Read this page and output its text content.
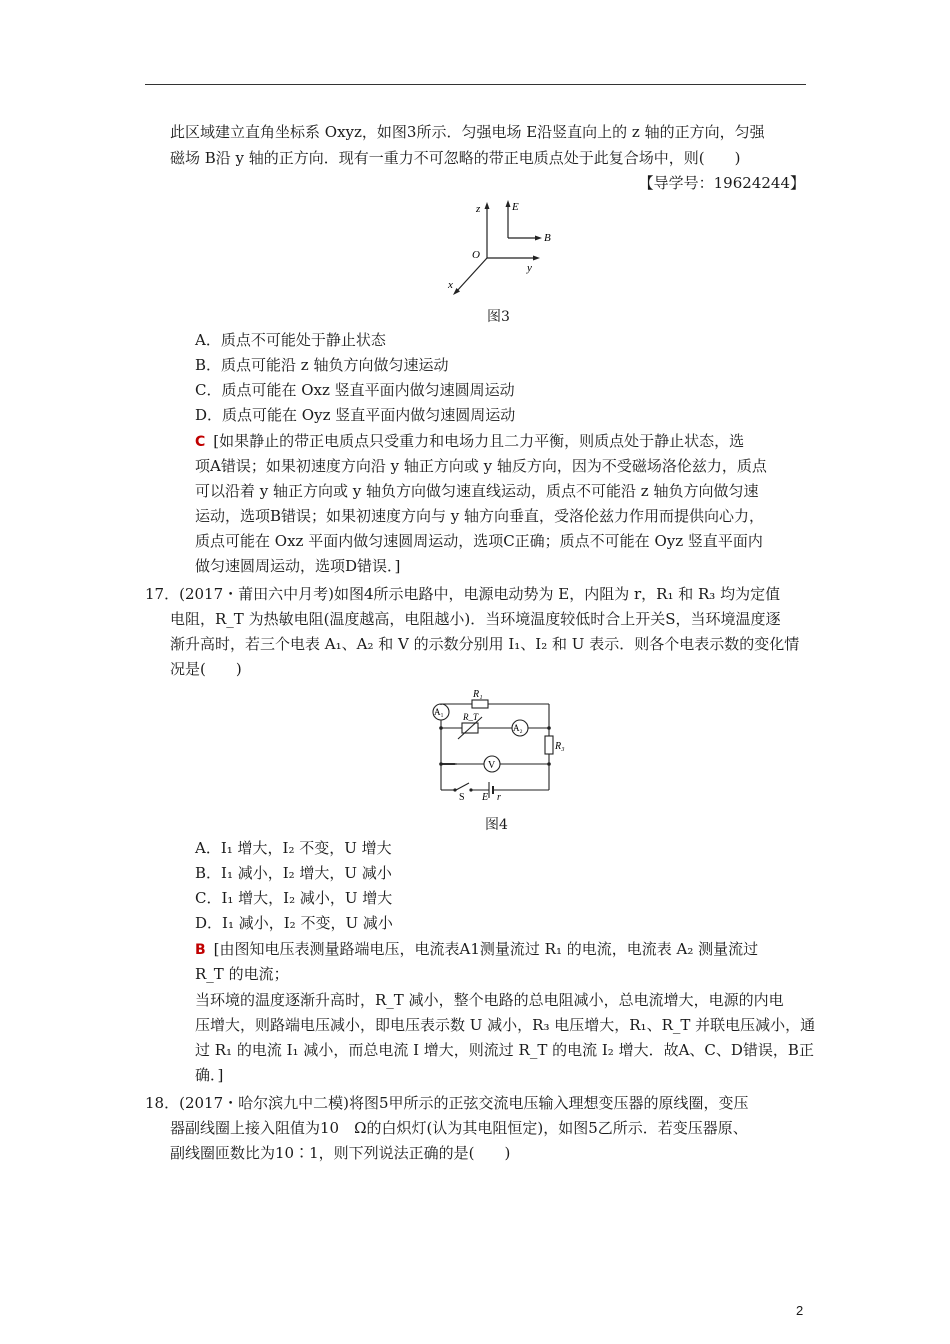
此区域建立直角坐标系 Oxyz，如图3所示．匀强电场 E沿竖直向上的 z 轴的正方向，匀强
磁场 B沿 y 轴的正方向．现有一重力不可忽略的带正电质点处于此复合场中，则(　　)
【导学号：19624244】
z	E
B
O
y
x
图3
A．质点不可能处于静止状态
B．质点可能沿 z 轴负方向做匀速运动
C．质点可能在 Oxz 竖直平面内做匀速圆周运动
D．质点可能在 Oyz 竖直平面内做匀速圆周运动
C [如果静止的带正电质点只受重力和电场力且二力平衡，则质点处于静止状态，选
项A错误；如果初速度方向沿 y 轴正方向或 y 轴反方向，因为不受磁场洛伦兹力，质点
可以沿着 y 轴正方向或 y 轴负方向做匀速直线运动，质点不可能沿 z 轴负方向做匀速
运动，选项B错误；如果初速度方向与 y 轴方向垂直，受洛伦兹力作用而提供向心力，
质点可能在 Oxz 平面内做匀速圆周运动，选项C正确；质点不可能在 Oyz 竖直平面内
做匀速圆周运动，选项D错误．]
17．(2017・莆田六中月考)如图4所示电路中，电源电动势为 E，内阻为 r，R₁ 和 R₃ 均为定值
电阻，R_T 为热敏电阻(温度越高，电阻越小)．当环境温度较低时合上开关S，当环境温度逐
渐升高时，若三个电表 A₁、A₂ 和 V 的示数分别用 I₁、I₂ 和 U 表示．则各个电表示数的变化情
况是(　　)
R₁
A₁ R_T
A₂
R₃
V
S E r
图4
A．I₁ 增大，I₂ 不变，U 增大
B．I₁ 减小，I₂ 增大，U 减小
C．I₁ 增大，I₂ 减小，U 增大
D．I₁ 减小，I₂ 不变，U 减小
B [由图知电压表测量路端电压，电流表A1测量流过 R₁ 的电流，电流表 A₂ 测量流过
R_T 的电流；
当环境的温度逐渐升高时，R_T 减小，整个电路的总电阻减小，总电流增大，电源的内电
压增大，则路端电压减小，即电压表示数 U 减小，R₃ 电压增大，R₁、R_T 并联电压减小，通
过 R₁ 的电流 I₁ 减小，而总电流 I 增大，则流过 R_T 的电流 I₂ 增大．故A、C、D错误，B正
确．]
18．(2017・哈尔滨九中二模)将图5甲所示的正弦交流电压输入理想变压器的原线圈，变压
器副线圈上接入阻值为10　Ω的白炽灯(认为其电阻恒定)，如图5乙所示．若变压器原、
副线圈匝数比为10∶1，则下列说法正确的是(　　)
2
